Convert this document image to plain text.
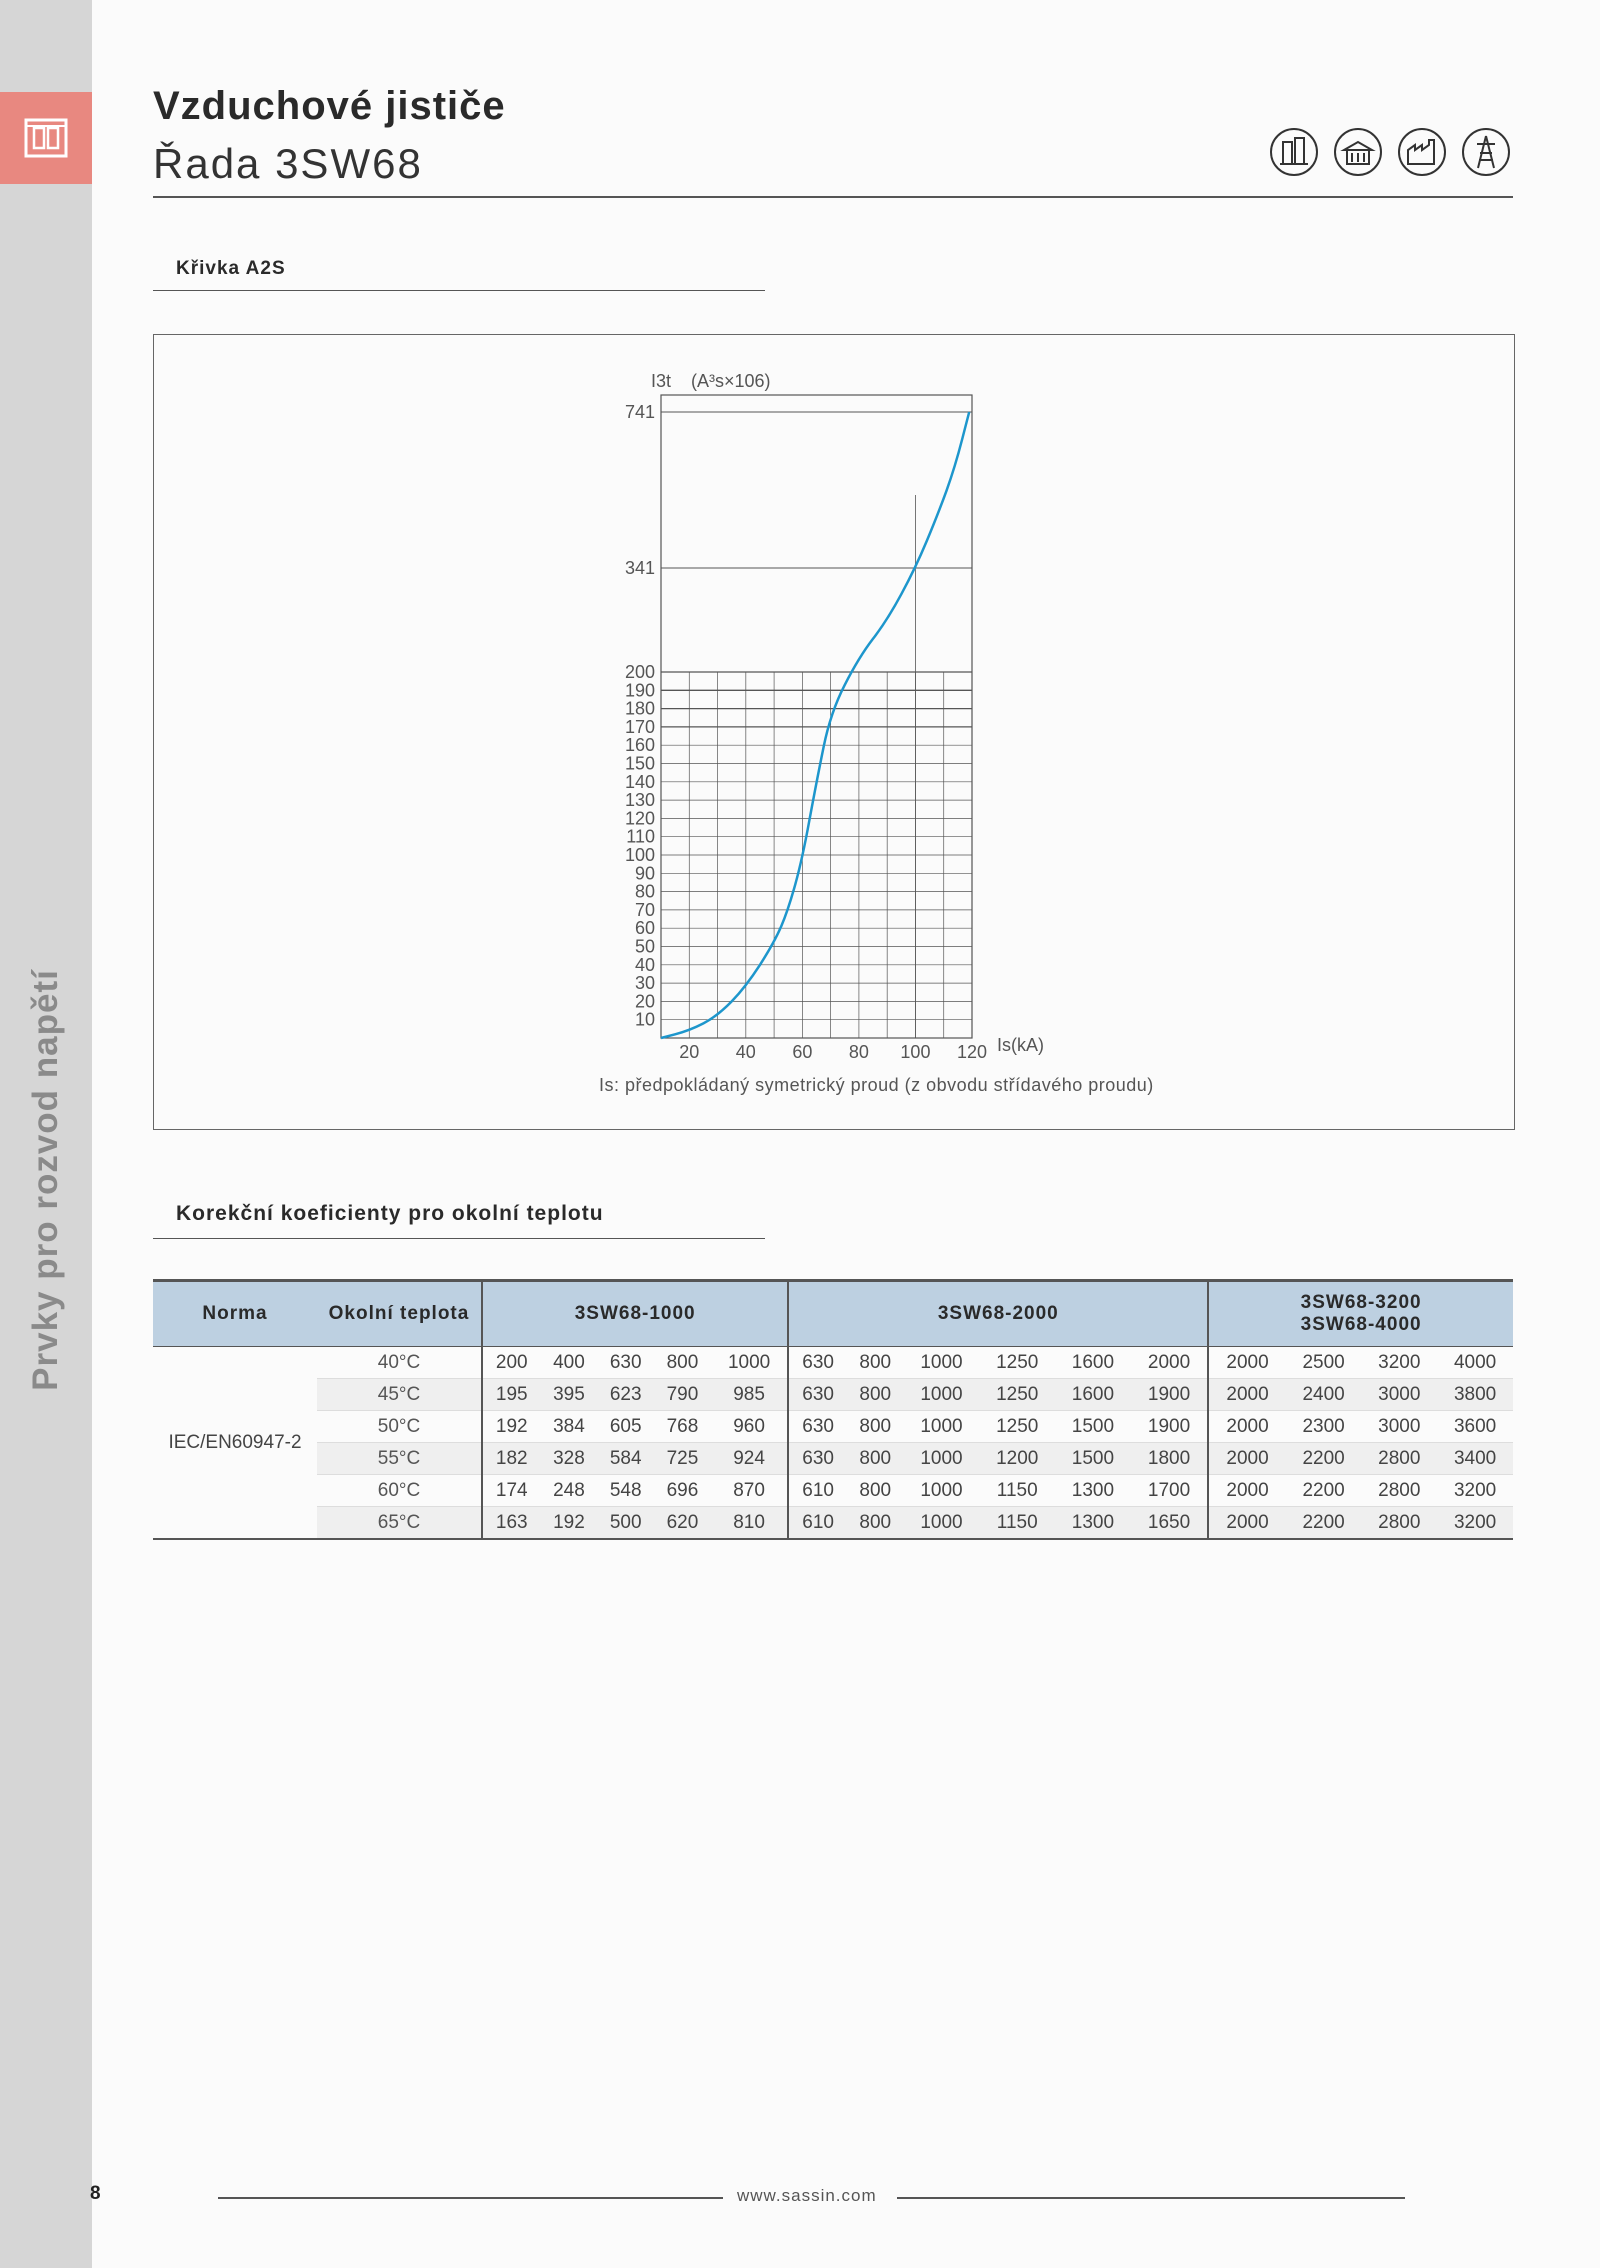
Prvky pro rozvod napětí
8
Vzduchové jističe
Řada 3SW68
Křivka A2S
741
341
200
190
180
170
160
150
140
130
120
110
100
90
80
70
60
50
40
30
20
10
20 40 60 80 100 120
I3t (A³s×106)
Is(kA)
Is: předpokládaný symetrický proud (z obvodu střídavého proudu)
Korekční koeficienty pro okolní teplotu
Norma	Okolní teplota	3SW68-1000					3SW68-2000						3SW68-3200
3SW68-4000			

IEC/EN60947-2	40°C	200	400	630	800	1000	630	800	1000	1250	1600	2000	2000	2500	3200	4000
	45°C	195	395	623	790	985	630	800	1000	1250	1600	1900	2000	2400	3000	3800
	50°C	192	384	605	768	960	630	800	1000	1250	1500	1900	2000	2300	3000	3600
	55°C	182	328	584	725	924	630	800	1000	1200	1500	1800	2000	2200	2800	3400
	60°C	174	248	548	696	870	610	800	1000	1150	1300	1700	2000	2200	2800	3200
	65°C	163	192	500	620	810	610	800	1000	1150	1300	1650	2000	2200	2800	3200
www.sassin.com
